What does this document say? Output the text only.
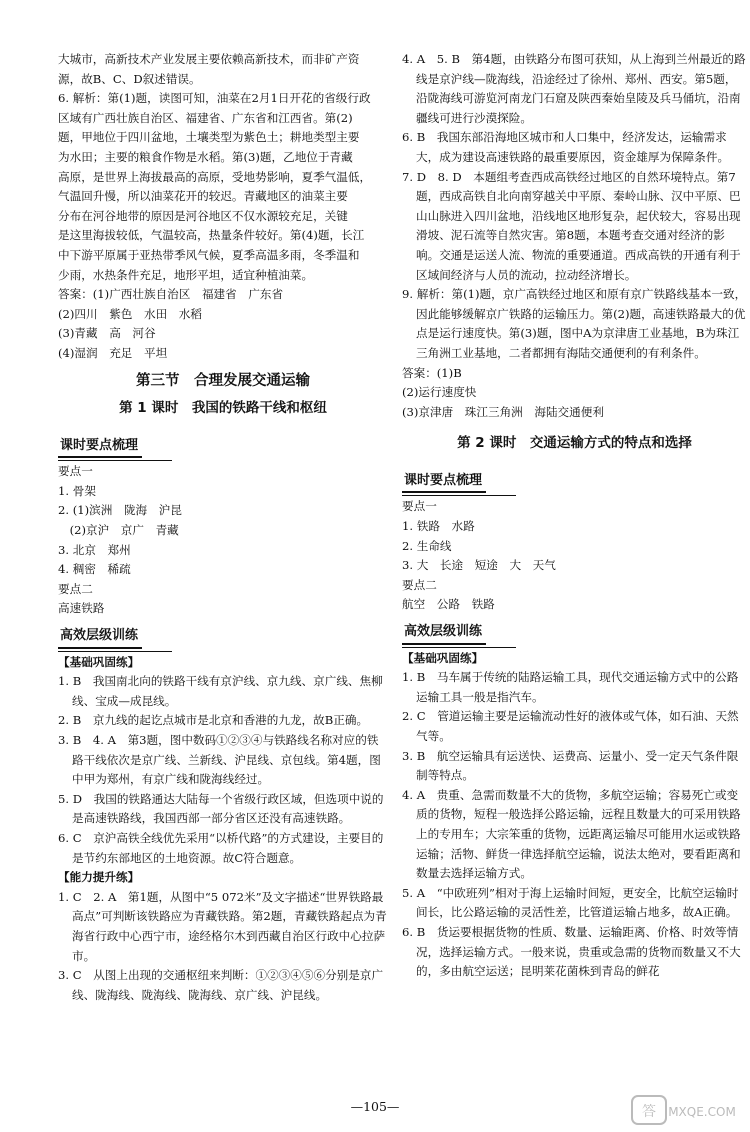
大城市，高新技术产业发展主要依赖高新技术，而非矿产资

源，故B、C、D叙述错误。

6. 解析：第(1)题，读图可知，油菜在2月1日开花的省级行政

区域有广西壮族自治区、福建省、广东省和江西省。第(2)

题，甲地位于四川盆地，土壤类型为紫色土；耕地类型主要

为水田；主要的粮食作物是水稻。第(3)题，乙地位于青藏

高原，是世界上海拔最高的高原，受地势影响，夏季气温低，

气温回升慢，所以油菜花开的较迟。青藏地区的油菜主要

分布在河谷地带的原因是河谷地区不仅水源较充足，关键

是这里海拔较低，气温较高，热量条件较好。第(4)题，长江

中下游平原属于亚热带季风气候，夏季高温多雨，冬季温和

少雨，水热条件充足，地形平坦，适宜种植油菜。

答案：(1)广西壮族自治区　福建省　广东省

(2)四川　紫色　水田　水稻

(3)青藏　高　河谷

(4)湿润　充足　平坦

第三节　合理发展交通运输
第 1 课时　我国的铁路干线和枢纽
课时要点梳理

要点一

1. 骨架

2. (1)滨洲　陇海　沪昆

　(2)京沪　京广　青藏

3. 北京　郑州

4. 稠密　稀疏

要点二

高速铁路

高效层级训练

【基础巩固练】

1. B　我国南北向的铁路干线有京沪线、京九线、京广线、焦柳线、宝成—成昆线。

2. B　京九线的起讫点城市是北京和香港的九龙，故B正确。

3. B　4. A　第3题，图中数码①②③④与铁路线名称对应的铁路干线依次是京广线、兰新线、沪昆线、京包线。第4题，图中甲为郑州，有京广线和陇海线经过。

5. D　我国的铁路通达大陆每一个省级行政区域，但选项中说的是高速铁路线，我国西部一部分省区还没有高速铁路。

6. C　京沪高铁全线优先采用“以桥代路”的方式建设，主要目的是节约东部地区的土地资源。故C符合题意。

【能力提升练】

1. C　2. A　第1题，从图中“5 072米”及文字描述“世界铁路最高点”可判断该铁路应为青藏铁路。第2题，青藏铁路起点为青海省行政中心西宁市，途经格尔木到西藏自治区行政中心拉萨市。

3. C　从图上出现的交通枢纽来判断：①②③④⑤⑥分别是京广线、陇海线、陇海线、陇海线、京广线、沪昆线。

4. A　5. B　第4题，由铁路分布图可获知，从上海到兰州最近的路线是京沪线—陇海线，沿途经过了徐州、郑州、西安。第5题，沿陇海线可游览河南龙门石窟及陕西秦始皇陵及兵马俑坑，沿南疆线可进行沙漠探险。

6. B　我国东部沿海地区城市和人口集中，经济发达，运输需求大，成为建设高速铁路的最重要原因，资金雄厚为保障条件。

7. D　8. D　本题组考查西成高铁经过地区的自然环境特点。第7题，西成高铁自北向南穿越关中平原、秦岭山脉、汉中平原、巴山山脉进入四川盆地，沿线地区地形复杂，起伏较大，容易出现滑坡、泥石流等自然灾害。第8题，本题考查交通对经济的影响。交通是运送人流、物流的重要通道。西成高铁的开通有利于区域间经济与人员的流动，拉动经济增长。

9. 解析：第(1)题，京广高铁经过地区和原有京广铁路线基本一致，因此能够缓解京广铁路的运输压力。第(2)题，高速铁路最大的优点是运行速度快。第(3)题，图中A为京津唐工业基地，B为珠江三角洲工业基地，二者都拥有海陆交通便利的有利条件。

答案：(1)B

(2)运行速度快

(3)京津唐　珠江三角洲　海陆交通便利

第 2 课时　交通运输方式的特点和选择
课时要点梳理

要点一

1. 铁路　水路

2. 生命线

3. 大　长途　短途　大　天气

要点二

航空　公路　铁路

高效层级训练

【基础巩固练】

1. B　马车属于传统的陆路运输工具，现代交通运输方式中的公路运输工具一般是指汽车。

2. C　管道运输主要是运输流动性好的液体或气体，如石油、天然气等。

3. B　航空运输具有运送快、运费高、运量小、受一定天气条件限制等特点。

4. A　贵重、急需而数量不大的货物，多航空运输；容易死亡或变质的货物，短程一般选择公路运输，远程且数量大的可采用铁路上的专用车；大宗笨重的货物，远距离运输尽可能用水运或铁路运输；活物、鲜货一律选择航空运输，说法太绝对，要看距离和数量去选择运输方式。

5. A　“中欧班列”相对于海上运输时间短，更安全，比航空运输时间长，比公路运输的灵活性差，比管道运输占地多，故A正确。

6. B　货运要根据货物的性质、数量、运输距离、价格、时效等情况，选择运输方式。一般来说，贵重或急需的货物而数量又不大的，多由航空运送；昆明莱花菌株到青岛的鲜花

—105—	答 MXQE.COM
